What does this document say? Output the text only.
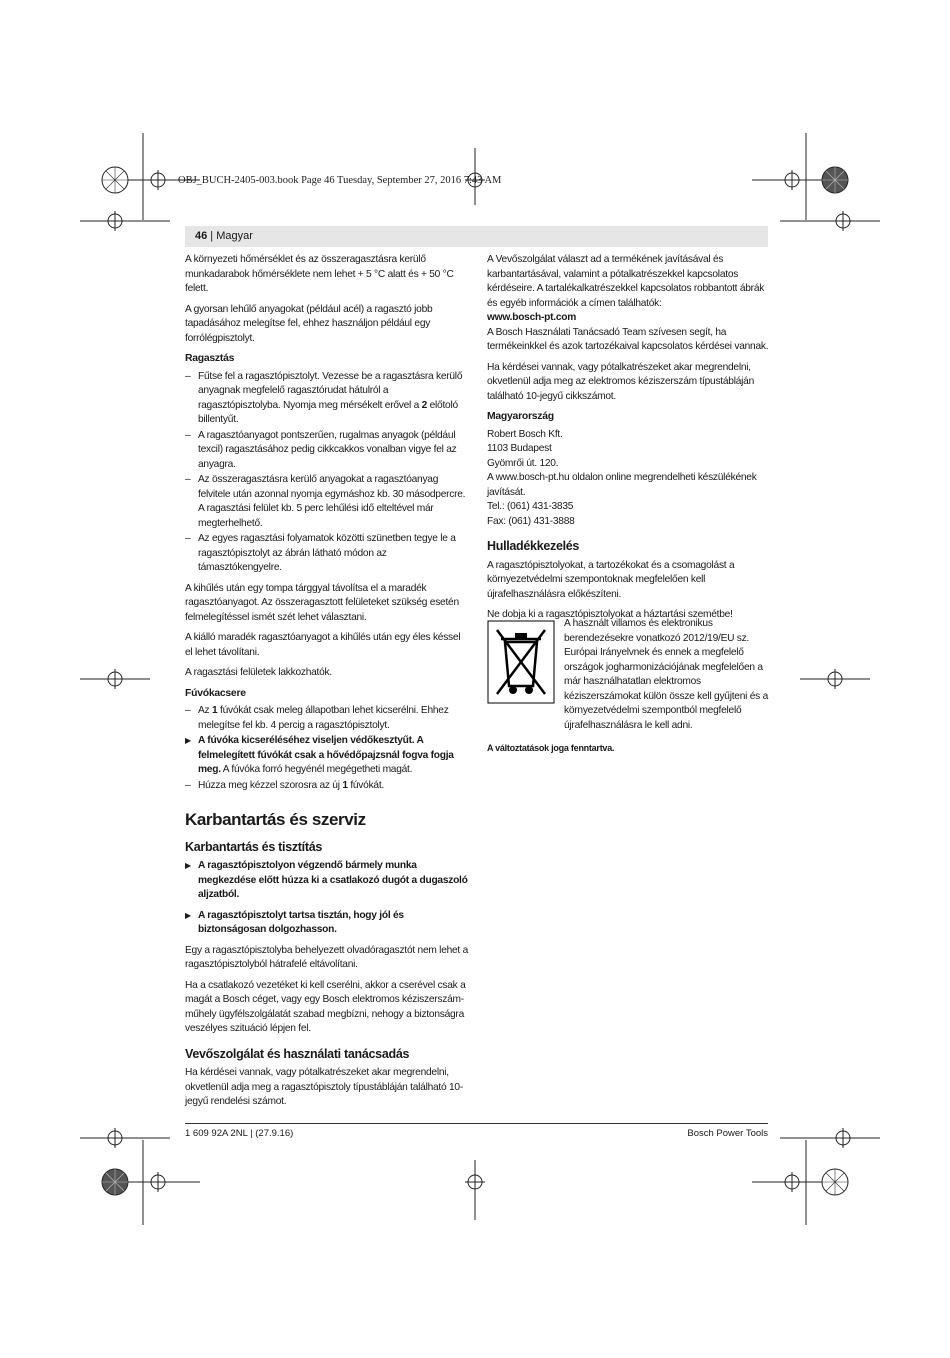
OBJ_BUCH-2405-003.book Page 46 Tuesday, September 27, 2016 7:43 AM
46 | Magyar

A környezeti hőmérséklet és az összeragasztásra kerülő munkadarabok hőmérséklete nem lehet + 5 °C alatt és + 50 °C felett.

A gyorsan lehűlő anyagokat (például acél) a ragasztó jobb tapadásához melegítse fel, ehhez használjon például egy forrólégpisztolyt.

Ragasztás
– Fűtse fel a ragasztópisztolyt. Vezesse be a ragasztásra kerülő anyagnak megfelelő ragasztórudat hátulról a ragasztópisztolyba. Nyomja meg mérsékelt erővel a 2 előtoló billentyűt.
– A ragasztóanyagot pontszerűen, rugalmas anyagok (például texcil) ragasztásához pedig cikkcakkos vonalban vigye fel az anyagra.
– Az összeragasztásra kerülő anyagokat a ragasztóanyag felvitele után azonnal nyomja egymáshoz kb. 30 másodpercre. A ragasztási felület kb. 5 perc lehűlési idő elteltével már megterhelhető.
– Az egyes ragasztási folyamatok közötti szünetben tegye le a ragasztópisztolyt az ábrán látható módon az támasztókengyelre.

A kihűlés után egy tompa tárggyal távolítsa el a maradék ragasztóanyagot. Az összeragasztott felületeket szükség esetén felmelegítéssel ismét szét lehet választani.

A kiálló maradék ragasztóanyagot a kihűlés után egy éles késsel el lehet távolítani.

A ragasztási felületek lakkozhatók.

Fúvókacsere
– Az 1 fúvókát csak meleg állapotban lehet kicserélni. Ehhez melegítse fel kb. 4 percig a ragasztópisztolyt.
▶ A fúvóka kicseréléséhez viseljen védőkesztyűt. A felmelegített fúvókát csak a hővédőpajzsnál fogva fogja meg. A fúvóka forró hegyénél megégetheti magát.
– Húzza meg kézzel szorosra az új 1 fúvókát.
Karbantartás és szerviz
Karbantartás és tisztítás
▶ A ragasztópisztolyon végzendő bármely munka megkezdése előtt húzza ki a csatlakozó dugót a dugaszoló aljzatból.
▶ A ragasztópisztolyt tartsa tisztán, hogy jól és biztonságosan dolgozhasson.

Egy a ragasztópisztolyba behelyezett olvadóragasztót nem lehet a ragasztópisztolyból hátrafelé eltávolítani.

Ha a csatlakozó vezetéket ki kell cserélni, akkor a cserével csak a magát a Bosch céget, vagy egy Bosch elektromos kéziszerszám-műhely ügyfélszolgálatát szabad megbízni, nehogy a biztonságra veszélyes szituáció lépjen fel.

Vevőszolgálat és használati tanácsadás

Ha kérdései vannak, vagy pótalkatrészeket akar megrendelni, okvetlenül adja meg a ragasztópisztoly típustábláján található 10-jegyű rendelési számot.

A Vevőszolgálat választ ad a termékének javításával és karbantartásával, valamint a pótalkatrészekkel kapcsolatos kérdéseire. A tartalékalkatrészekkel kapcsolatos robbantott ábrák és egyéb információk a címen találhatók:

www.bosch-pt.com

A Bosch Használati Tanácsadó Team szívesen segít, ha termékeinkkel és azok tartozékaival kapcsolatos kérdései vannak.

Ha kérdései vannak, vagy pótalkatrészeket akar megrendelni, okvetlenül adja meg az elektromos kéziszerszám típustábláján található 10-jegyű cikkszámot.

Magyarország
Robert Bosch Kft.
1103 Budapest
Gyömrői út. 120.
A www.bosch-pt.hu oldalon online megrendelheti készülékének javítását.
Tel.: (061) 431-3835
Fax: (061) 431-3888
Hulladékkezelés

A ragasztópisztolyokat, a tartozékokat és a csomagolást a környezetvédelmi szempontoknak megfelelően kell újrafelhasználásra előkészíteni.

Ne dobja ki a ragasztópisztolyokat a háztartási szemétbe!

A használt villamos és elektronikus berendezésekre vonatkozó 2012/19/EU sz. Európai Irányelvnek és ennek a megfelelő országok jogharmonizációjának megfelelően a már használhatatlan elektromos kéziszerszámokat külön össze kell gyűjteni és a környezetvédelmi szempontból megfelelő újrafelhasználásra le kell adni.
A változtatások joga fenntartva.
1 609 92A 2NL | (27.9.16)	Bosch Power Tools
